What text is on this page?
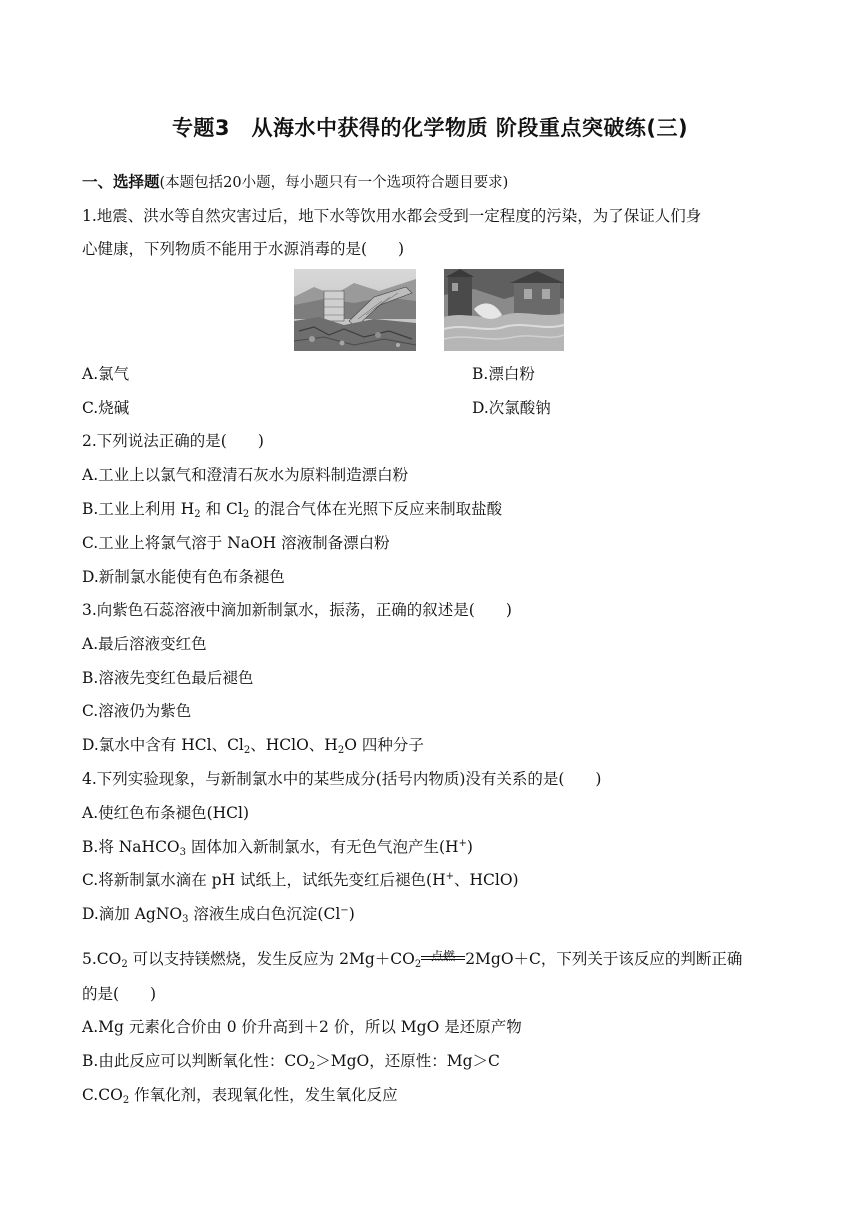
专题3　从海水中获得的化学物质 阶段重点突破练(三)
一、选择题(本题包括20小题，每小题只有一个选项符合题目要求)
1.地震、洪水等自然灾害过后，地下水等饮用水都会受到一定程度的污染，为了保证人们身
心健康，下列物质不能用于水源消毒的是(　　)
A.氯气	B.漂白粉
C.烧碱	D.次氯酸钠
2.下列说法正确的是(　　)
A.工业上以氯气和澄清石灰水为原料制造漂白粉
B.工业上利用 $H_2$ 和 $Cl_2$ 的混合气体在光照下反应来制取盐酸
C.工业上将氯气溶于 NaOH 溶液制备漂白粉
D.新制氯水能使有色布条褪色
3.向紫色石蕊溶液中滴加新制氯水，振荡，正确的叙述是(　　)
A.最后溶液变红色
B.溶液先变红色最后褪色
C.溶液仍为紫色
D.氯水中含有 HCl、$Cl_2$、HClO、$H_2O$ 四种分子
4.下列实验现象，与新制氯水中的某些成分(括号内物质)没有关系的是(　　)
A.使红色布条褪色(HCl)
B.将 NaHCO$_3$ 固体加入新制氯水，有无色气泡产生(H+)
C.将新制氯水滴在 pH 试纸上，试纸先变红后褪色(H+、HClO)
D.滴加 AgNO$_3$ 溶液生成白色沉淀(Cl−)
$5.CO_2$ 可以支持镁燃烧，发生反应为 $2Mg+CO_2$
点燃 2MgO＋C，下列关于该反应的判断正确
的是(　　)
A.Mg 元素化合价由 0 价升高到＋2 价，所以 MgO 是还原产物
B.由此反应可以判断氧化性：$CO_2>MgO$，还原性：Mg＞C
$C.CO_2$ 作氧化剂，表现氧化性，发生氧化反应
